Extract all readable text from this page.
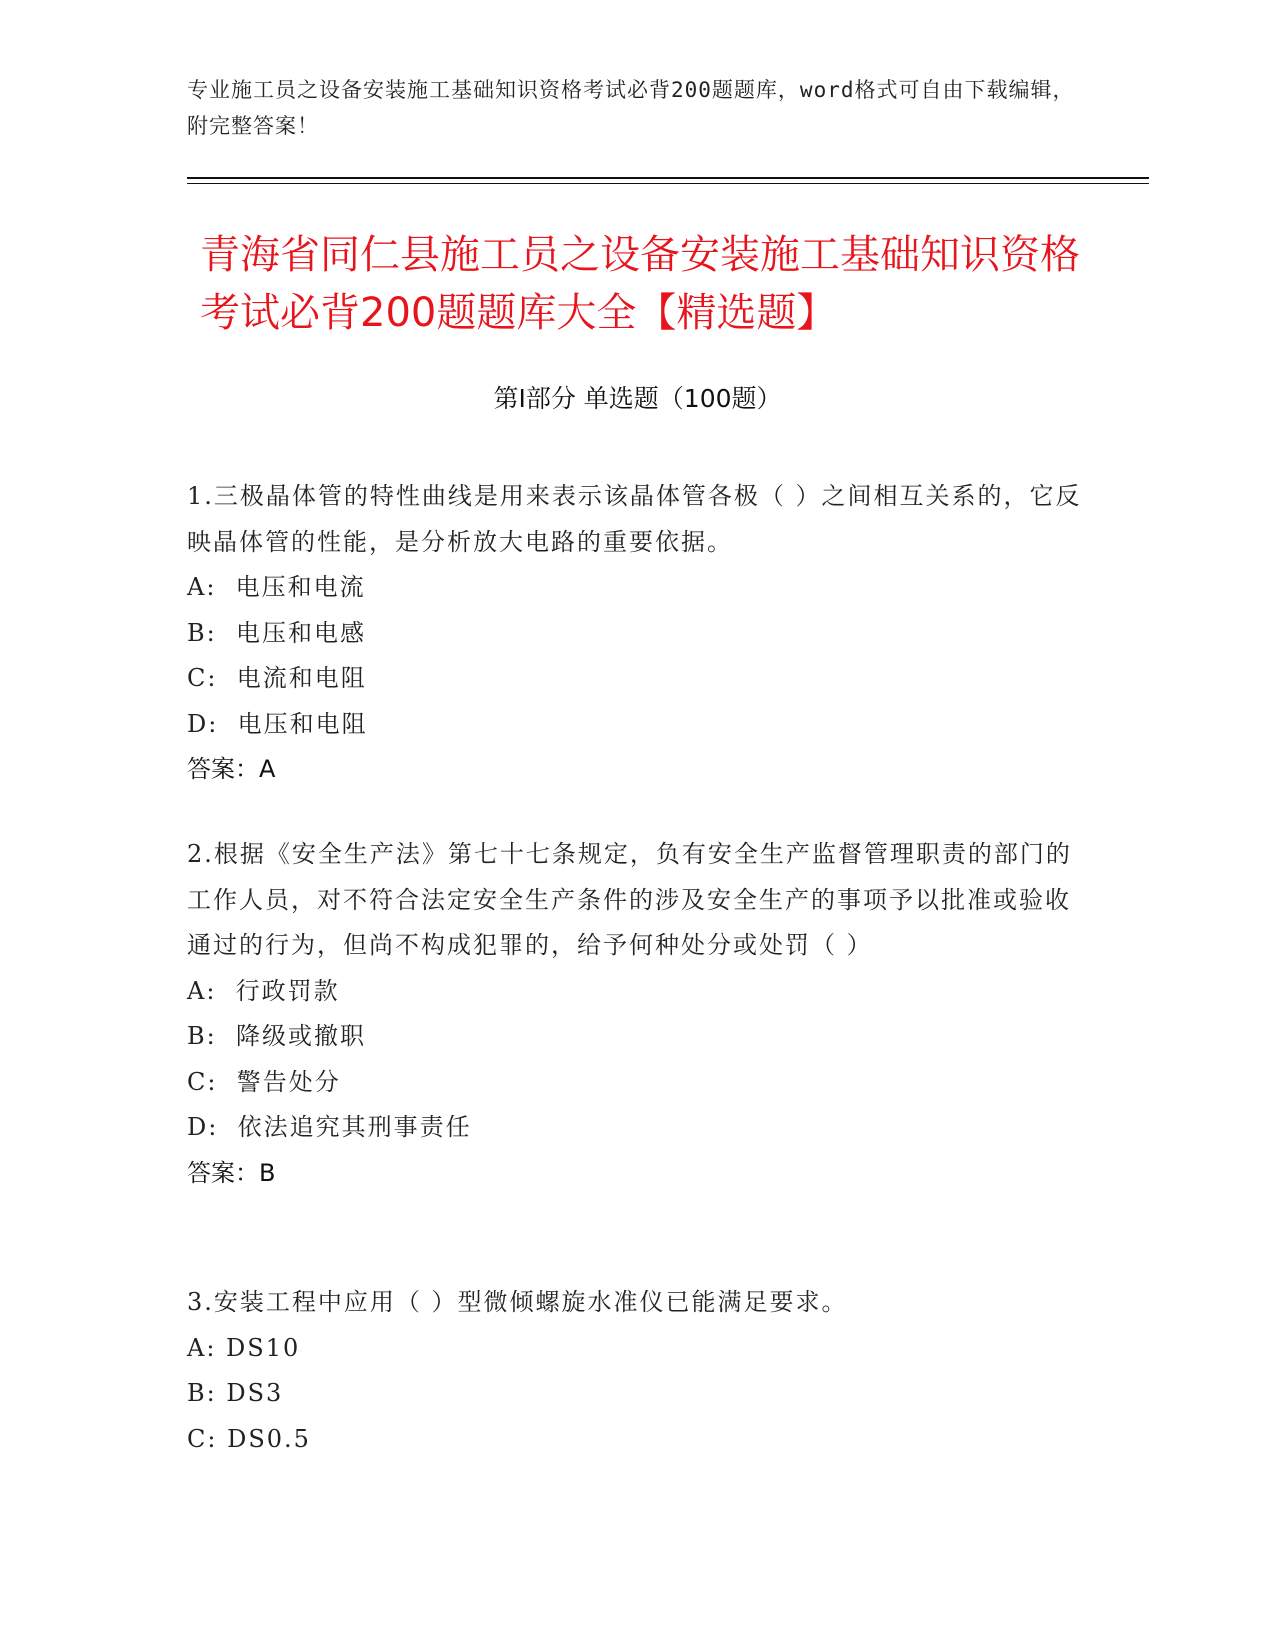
专业施工员之设备安装施工基础知识资格考试必背200题题库，word格式可自由下载编辑，附完整答案！
青海省同仁县施工员之设备安装施工基础知识资格考试必背200题题库大全【精选题】
第Ⅰ部分 单选题（100题）

1.三极晶体管的特性曲线是用来表示该晶体管各极（ ）之间相互关系的，它反映晶体管的性能，是分析放大电路的重要依据。

A:  电压和电流

B:  电压和电感

C:  电流和电阻

D:  电压和电阻

答案：A

2.根据《安全生产法》第七十七条规定，负有安全生产监督管理职责的部门的工作人员，对不符合法定安全生产条件的涉及安全生产的事项予以批准或验收通过的行为，但尚不构成犯罪的，给予何种处分或处罚（ ）

A:  行政罚款

B:  降级或撤职

C:  警告处分

D:  依法追究其刑事责任

答案：B

3.安装工程中应用（ ）型微倾螺旋水准仪已能满足要求。

A: DS10

B: DS3

C: DS0.5
